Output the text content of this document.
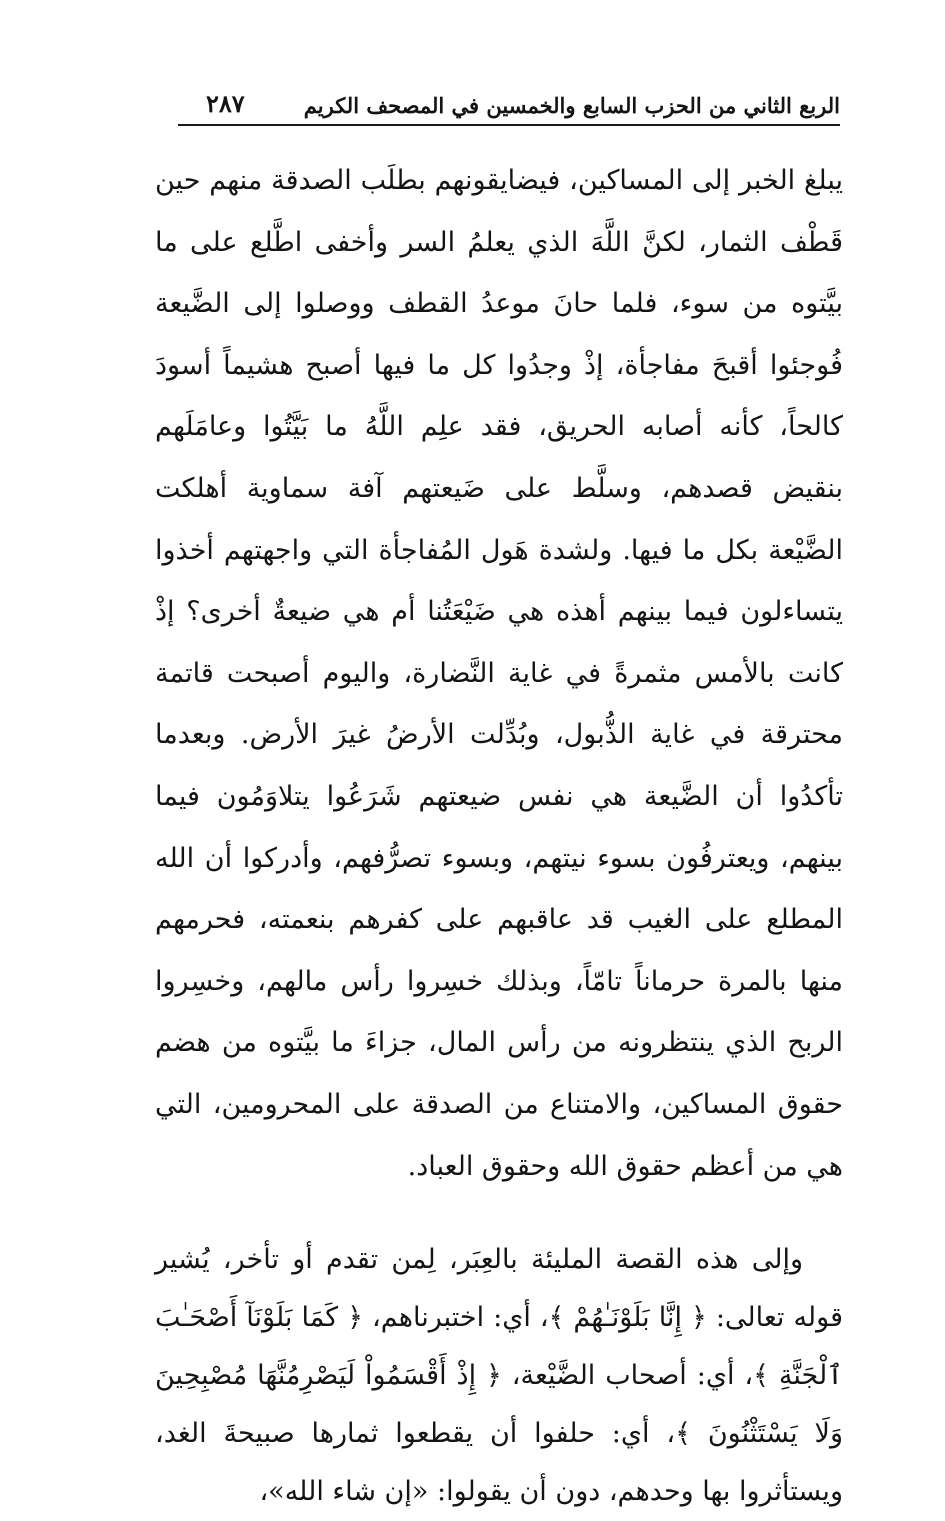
الربع الثاني من الحزب السابع والخمسين في المصحف الكريم
٢٨٧

يبلغ الخبر إلى المساكين، فيضايقونهم بطلَب الصدقة منهم حين قَطْف الثمار، لكنَّ اللَّهَ الذي يعلمُ السر وأخفى اطَّلع على ما بيَّتوه من سوء، فلما حانَ موعدُ القطف ووصلوا إلى الضَّيعة فُوجئوا أقبحَ مفاجأة، إذْ وجدُوا كل ما فيها أصبح هشيماً أسودَ كالحاً، كأنه أصابه الحريق، فقد علِم اللَّهُ ما بَيَّتُوا وعامَلَهم بنقيض قصدهم، وسلَّط على ضَيعتهم آفة سماوية أهلكت الضَّيْعة بكل ما فيها. ولشدة هَول المُفاجأة التي واجهتهم أخذوا يتساءلون فيما بينهم أهذه هي ضَيْعَتُنا أم هي ضيعةٌ أخرى؟ إذْ كانت بالأمس مثمرةً في غاية النَّضارة، واليوم أصبحت قاتمة محترقة في غاية الذُّبول، وبُدِّلت الأرضُ غيرَ الأرض. وبعدما تأكدُوا أن الضَّيعة هي نفس ضيعتهم شَرَعُوا يتلاوَمُون فيما بينهم، ويعترفُون بسوء نيتهم، وبسوء تصرُّفهم، وأدركوا أن الله المطلع على الغيب قد عاقبهم على كفرهم بنعمته، فحرمهم منها بالمرة حرماناً تامّاً، وبذلك خسِروا رأس مالهم، وخسِروا الربح الذي ينتظرونه من رأس المال، جزاءَ ما بيَّتوه من هضم حقوق المساكين، والامتناع من الصدقة على المحرومين، التي هي من أعظم حقوق الله وحقوق العباد.

وإلى هذه القصة المليئة بالعِبَر، لِمن تقدم أو تأخر، يُشير قوله تعالى: ﴿ إِنَّا بَلَوْنَـٰهُمْ ﴾، أي: اختبرناهم، ﴿ كَمَا بَلَوْنَآ أَصْحَـٰبَ ٱلْجَنَّةِ ﴾، أي: أصحاب الضَّيْعة، ﴿ إِذْ أَقْسَمُواْ لَيَصْرِمُنَّهَا مُصْبِحِينَ وَلَا يَسْتَثْنُونَ ﴾، أي: حلفوا أن يقطعوا ثمارها صبيحةَ الغد، ويستأثروا بها وحدهم، دون أن يقولوا: «إن شاء الله»،
